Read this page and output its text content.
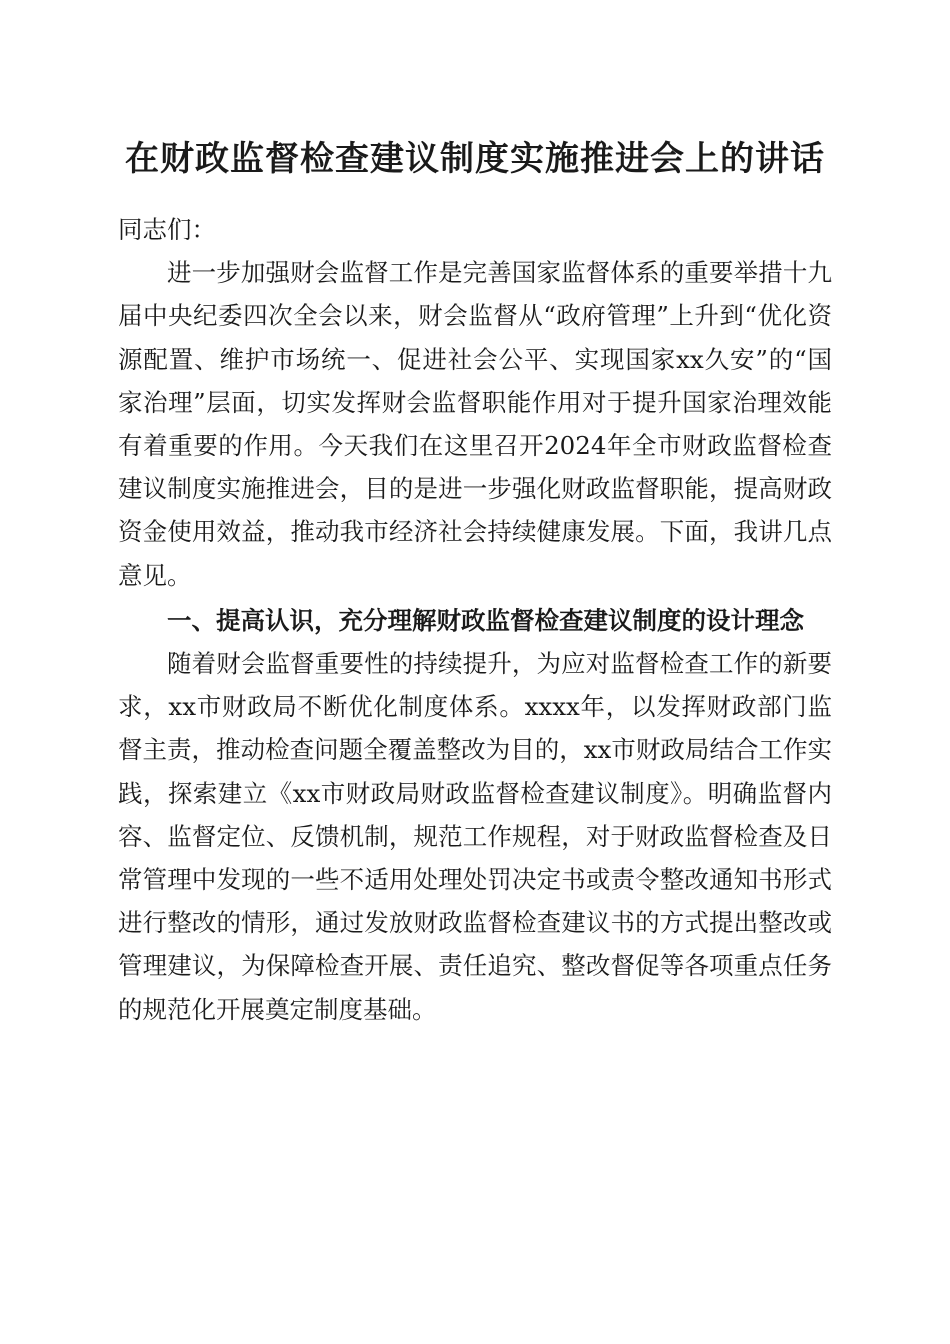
在财政监督检查建议制度实施推进会上的讲话

同志们：

进一步加强财会监督工作是完善国家监督体系的重要举措十九届中央纪委四次全会以来，财会监督从“政府管理”上升到“优化资源配置、维护市场统一、促进社会公平、实现国家xx久安”的“国家治理”层面，切实发挥财会监督职能作用对于提升国家治理效能有着重要的作用。今天我们在这里召开2024年全市财政监督检查建议制度实施推进会，目的是进一步强化财政监督职能，提高财政资金使用效益，推动我市经济社会持续健康发展。下面，我讲几点意见。

一、提高认识，充分理解财政监督检查建议制度的设计理念

随着财会监督重要性的持续提升，为应对监督检查工作的新要求，xx市财政局不断优化制度体系。xxxx年，以发挥财政部门监督主责，推动检查问题全覆盖整改为目的，xx市财政局结合工作实践，探索建立《xx市财政局财政监督检查建议制度》。明确监督内容、监督定位、反馈机制，规范工作规程，对于财政监督检查及日常管理中发现的一些不适用处理处罚决定书或责令整改通知书形式进行整改的情形，通过发放财政监督检查建议书的方式提出整改或管理建议，为保障检查开展、责任追究、整改督促等各项重点任务的规范化开展奠定制度基础。
